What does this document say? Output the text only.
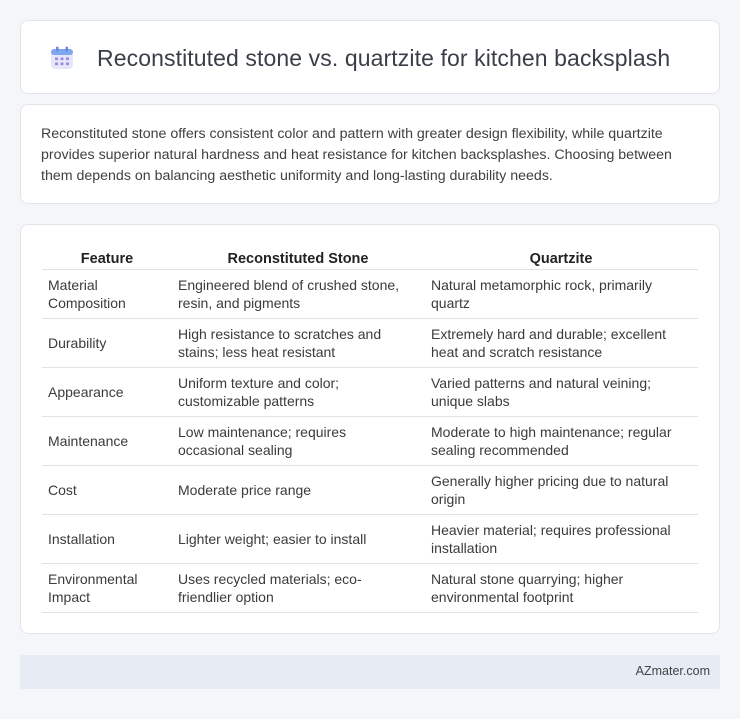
Reconstituted stone vs. quartzite for kitchen backsplash

Reconstituted stone offers consistent color and pattern with greater design flexibility, while quartzite provides superior natural hardness and heat resistance for kitchen backsplashes. Choosing between them depends on balancing aesthetic uniformity and long-lasting durability needs.

Feature	Reconstituted Stone	Quartzite
Material Composition	Engineered blend of crushed stone, resin, and pigments	Natural metamorphic rock, primarily quartz
Durability	High resistance to scratches and stains; less heat resistant	Extremely hard and durable; excellent heat and scratch resistance
Appearance	Uniform texture and color; customizable patterns	Varied patterns and natural veining; unique slabs
Maintenance	Low maintenance; requires occasional sealing	Moderate to high maintenance; regular sealing recommended
Cost	Moderate price range	Generally higher pricing due to natural origin
Installation	Lighter weight; easier to install	Heavier material; requires professional installation
Environmental Impact	Uses recycled materials; eco-friendlier option	Natural stone quarrying; higher environmental footprint
AZmater.com
